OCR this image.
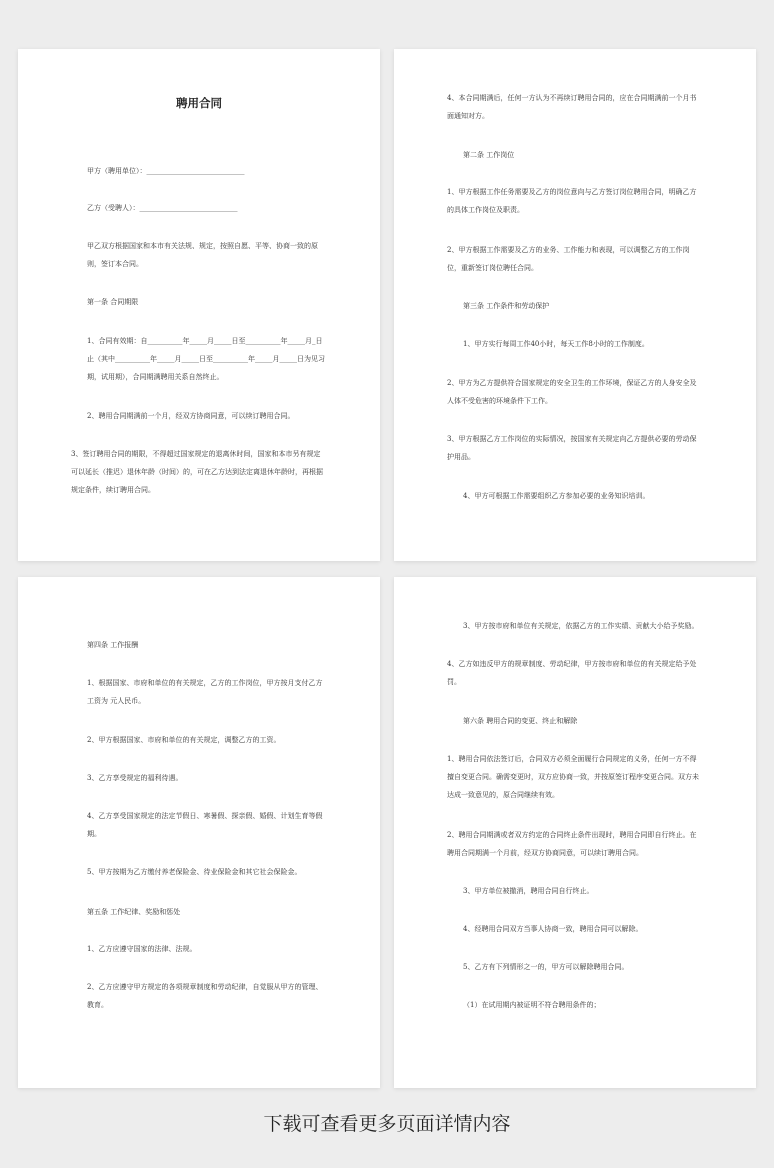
聘用合同

甲方（聘用单位）：____________________________

乙方（受聘人）：____________________________

甲乙双方根据国家和本市有关法规、规定，按照自愿、平等、协商一致的原则，签订本合同。

第一条 合同期限

1、合同有效期：自__________年_____月_____日至__________年_____月_日止（其中__________年_____月_____日至__________年_____月_____日为见习期，试用期），合同期满聘用关系自然终止。

2、聘用合同期满前一个月，经双方协商同意，可以续订聘用合同。

3、签订聘用合同的期限，不得超过国家规定的退离休时间，国家和本市另有规定可以延长（推迟）退休年龄（时间）的，可在乙方达到法定离退休年龄时，再根据规定条件，续订聘用合同。

4、本合同期满后，任何一方认为不再续订聘用合同的，应在合同期满前一个月书面通知对方。

第二条 工作岗位

1、甲方根据工作任务需要及乙方的岗位意向与乙方签订岗位聘用合同，明确乙方的具体工作岗位及职责。

2、甲方根据工作需要及乙方的业务、工作能力和表现，可以调整乙方的工作岗位，重新签订岗位聘任合同。

第三条 工作条件和劳动保护

1、甲方实行每周工作40小时，每天工作8小时的工作制度。

2、甲方为乙方提供符合国家规定的安全卫生的工作环境，保证乙方的人身安全及人体不受危害的环境条件下工作。

3、甲方根据乙方工作岗位的实际情况，按国家有关规定向乙方提供必要的劳动保护用品。

4、甲方可根据工作需要组织乙方参加必要的业务知识培训。

第四条 工作报酬

1、根据国家、市府和单位的有关规定，乙方的工作岗位，甲方按月支付乙方工资为 元人民币。

2、甲方根据国家、市府和单位的有关规定，调整乙方的工资。

3、乙方享受规定的福利待遇。

4、乙方享受国家规定的法定节假日、寒暑假、探亲假、婚假、计划生育等假期。

5、甲方按期为乙方缴付养老保险金、待业保险金和其它社会保险金。

第五条 工作纪律、奖励和惩处

1、乙方应遵守国家的法律、法规。

2、乙方应遵守甲方规定的各项规章制度和劳动纪律，自觉服从甲方的管理、教育。

3、甲方按市府和单位有关规定，依据乙方的工作实绩、贡献大小给予奖励。

4、乙方如违反甲方的规章制度、劳动纪律，甲方按市府和单位的有关规定给予处罚。

第六条 聘用合同的变更、终止和解除

1、聘用合同依法签订后，合同双方必须全面履行合同规定的义务，任何一方不得擅自变更合同。确需变更时，双方应协商一致，并按原签订程序变更合同。双方未达成一致意见的，原合同继续有效。

2、聘用合同期满或者双方约定的合同终止条件出现时，聘用合同即自行终止。在聘用合同期满一个月前，经双方协商同意，可以续订聘用合同。

3、甲方单位被撤消，聘用合同自行终止。

4、经聘用合同双方当事人协商一致，聘用合同可以解除。

5、乙方有下列情形之一的，甲方可以解除聘用合同。

（1）在试用期内被证明不符合聘用条件的；

下载可查看更多页面详情内容
